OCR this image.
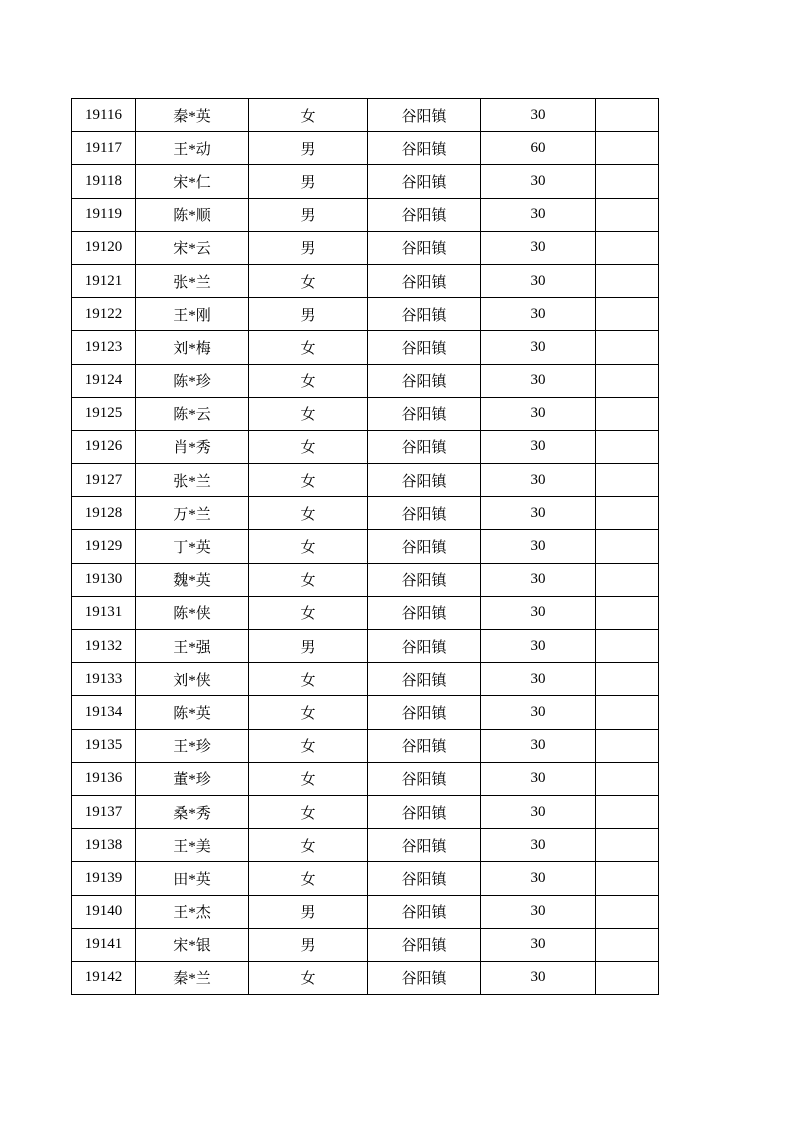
19116	秦*英	女	谷阳镇	30	
19117	王*动	男	谷阳镇	60	
19118	宋*仁	男	谷阳镇	30	
19119	陈*顺	男	谷阳镇	30	
19120	宋*云	男	谷阳镇	30	
19121	张*兰	女	谷阳镇	30	
19122	王*刚	男	谷阳镇	30	
19123	刘*梅	女	谷阳镇	30	
19124	陈*珍	女	谷阳镇	30	
19125	陈*云	女	谷阳镇	30	
19126	肖*秀	女	谷阳镇	30	
19127	张*兰	女	谷阳镇	30	
19128	万*兰	女	谷阳镇	30	
19129	丁*英	女	谷阳镇	30	
19130	魏*英	女	谷阳镇	30	
19131	陈*侠	女	谷阳镇	30	
19132	王*强	男	谷阳镇	30	
19133	刘*侠	女	谷阳镇	30	
19134	陈*英	女	谷阳镇	30	
19135	王*珍	女	谷阳镇	30	
19136	董*珍	女	谷阳镇	30	
19137	桑*秀	女	谷阳镇	30	
19138	王*美	女	谷阳镇	30	
19139	田*英	女	谷阳镇	30	
19140	王*杰	男	谷阳镇	30	
19141	宋*银	男	谷阳镇	30	
19142	秦*兰	女	谷阳镇	30	
